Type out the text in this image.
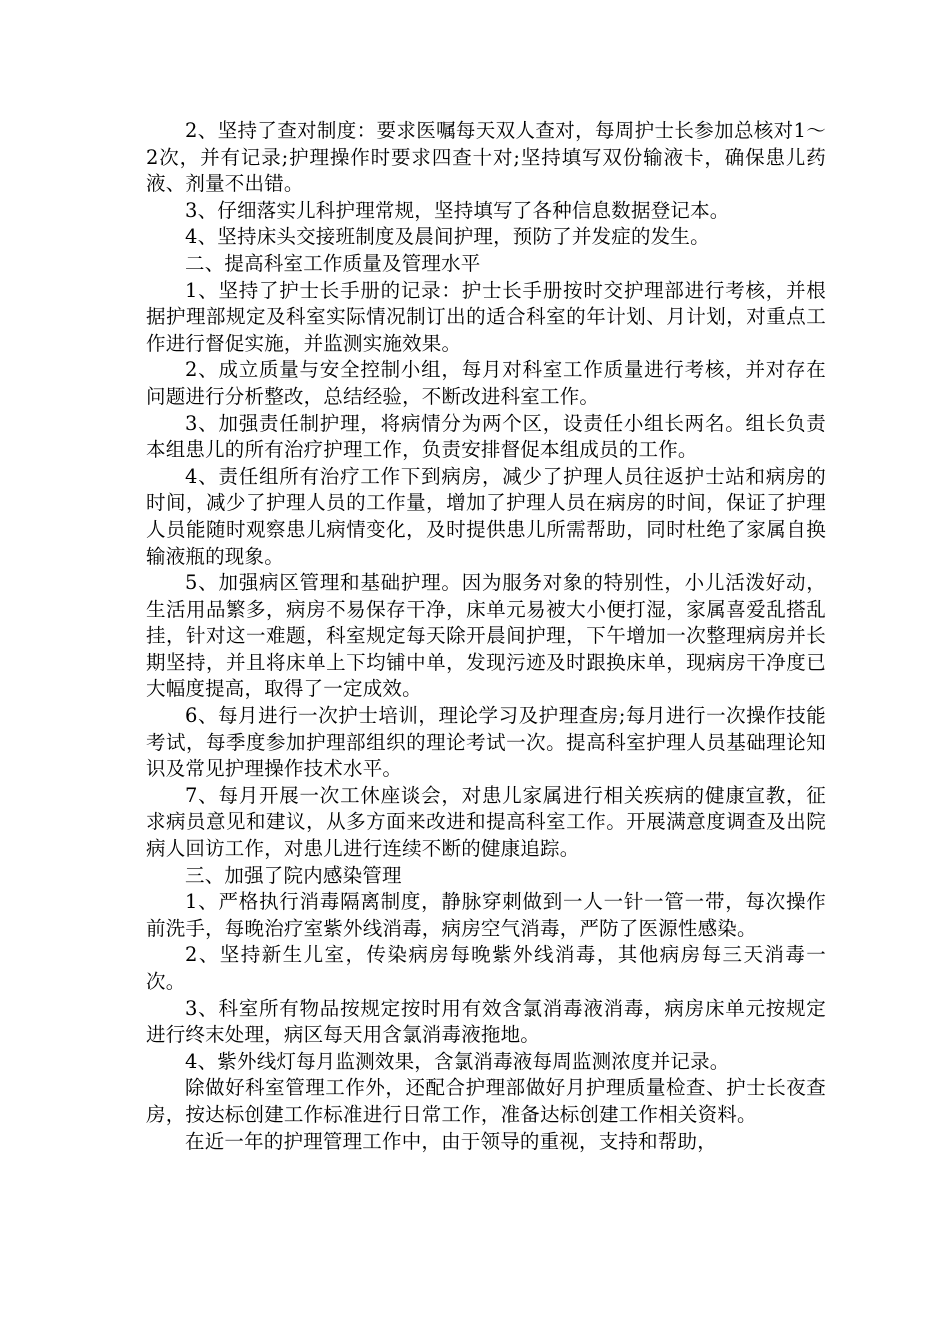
2、坚持了查对制度：要求医嘱每天双人查对，每周护士长参加总核对1～2次，并有记录;护理操作时要求四查十对;坚持填写双份输液卡，确保患儿药液、剂量不出错。

3、仔细落实儿科护理常规，坚持填写了各种信息数据登记本。

4、坚持床头交接班制度及晨间护理，预防了并发症的发生。

二、提高科室工作质量及管理水平

1、坚持了护士长手册的记录：护士长手册按时交护理部进行考核，并根据护理部规定及科室实际情况制订出的适合科室的年计划、月计划，对重点工作进行督促实施，并监测实施效果。

2、成立质量与安全控制小组，每月对科室工作质量进行考核，并对存在问题进行分析整改，总结经验，不断改进科室工作。

3、加强责任制护理，将病情分为两个区，设责任小组长两名。组长负责本组患儿的所有治疗护理工作，负责安排督促本组成员的工作。

4、责任组所有治疗工作下到病房，减少了护理人员往返护士站和病房的时间，减少了护理人员的工作量，增加了护理人员在病房的时间，保证了护理人员能随时观察患儿病情变化，及时提供患儿所需帮助，同时杜绝了家属自换输液瓶的现象。

5、加强病区管理和基础护理。因为服务对象的特别性，小儿活泼好动，生活用品繁多，病房不易保存干净，床单元易被大小便打湿，家属喜爱乱搭乱挂，针对这一难题，科室规定每天除开晨间护理，下午增加一次整理病房并长期坚持，并且将床单上下均铺中单，发现污迹及时跟换床单，现病房干净度已大幅度提高，取得了一定成效。

6、每月进行一次护士培训，理论学习及护理查房;每月进行一次操作技能考试，每季度参加护理部组织的理论考试一次。提高科室护理人员基础理论知识及常见护理操作技术水平。

7、每月开展一次工休座谈会，对患儿家属进行相关疾病的健康宣教，征求病员意见和建议，从多方面来改进和提高科室工作。开展满意度调查及出院病人回访工作，对患儿进行连续不断的健康追踪。

三、加强了院内感染管理

1、严格执行消毒隔离制度，静脉穿刺做到一人一针一管一带，每次操作前洗手，每晚治疗室紫外线消毒，病房空气消毒，严防了医源性感染。

2、坚持新生儿室，传染病房每晚紫外线消毒，其他病房每三天消毒一次。

3、科室所有物品按规定按时用有效含氯消毒液消毒，病房床单元按规定进行终末处理，病区每天用含氯消毒液拖地。

4、紫外线灯每月监测效果，含氯消毒液每周监测浓度并记录。

除做好科室管理工作外，还配合护理部做好月护理质量检查、护士长夜查房，按达标创建工作标准进行日常工作，准备达标创建工作相关资料。

在近一年的护理管理工作中，由于领导的重视，支持和帮助，
